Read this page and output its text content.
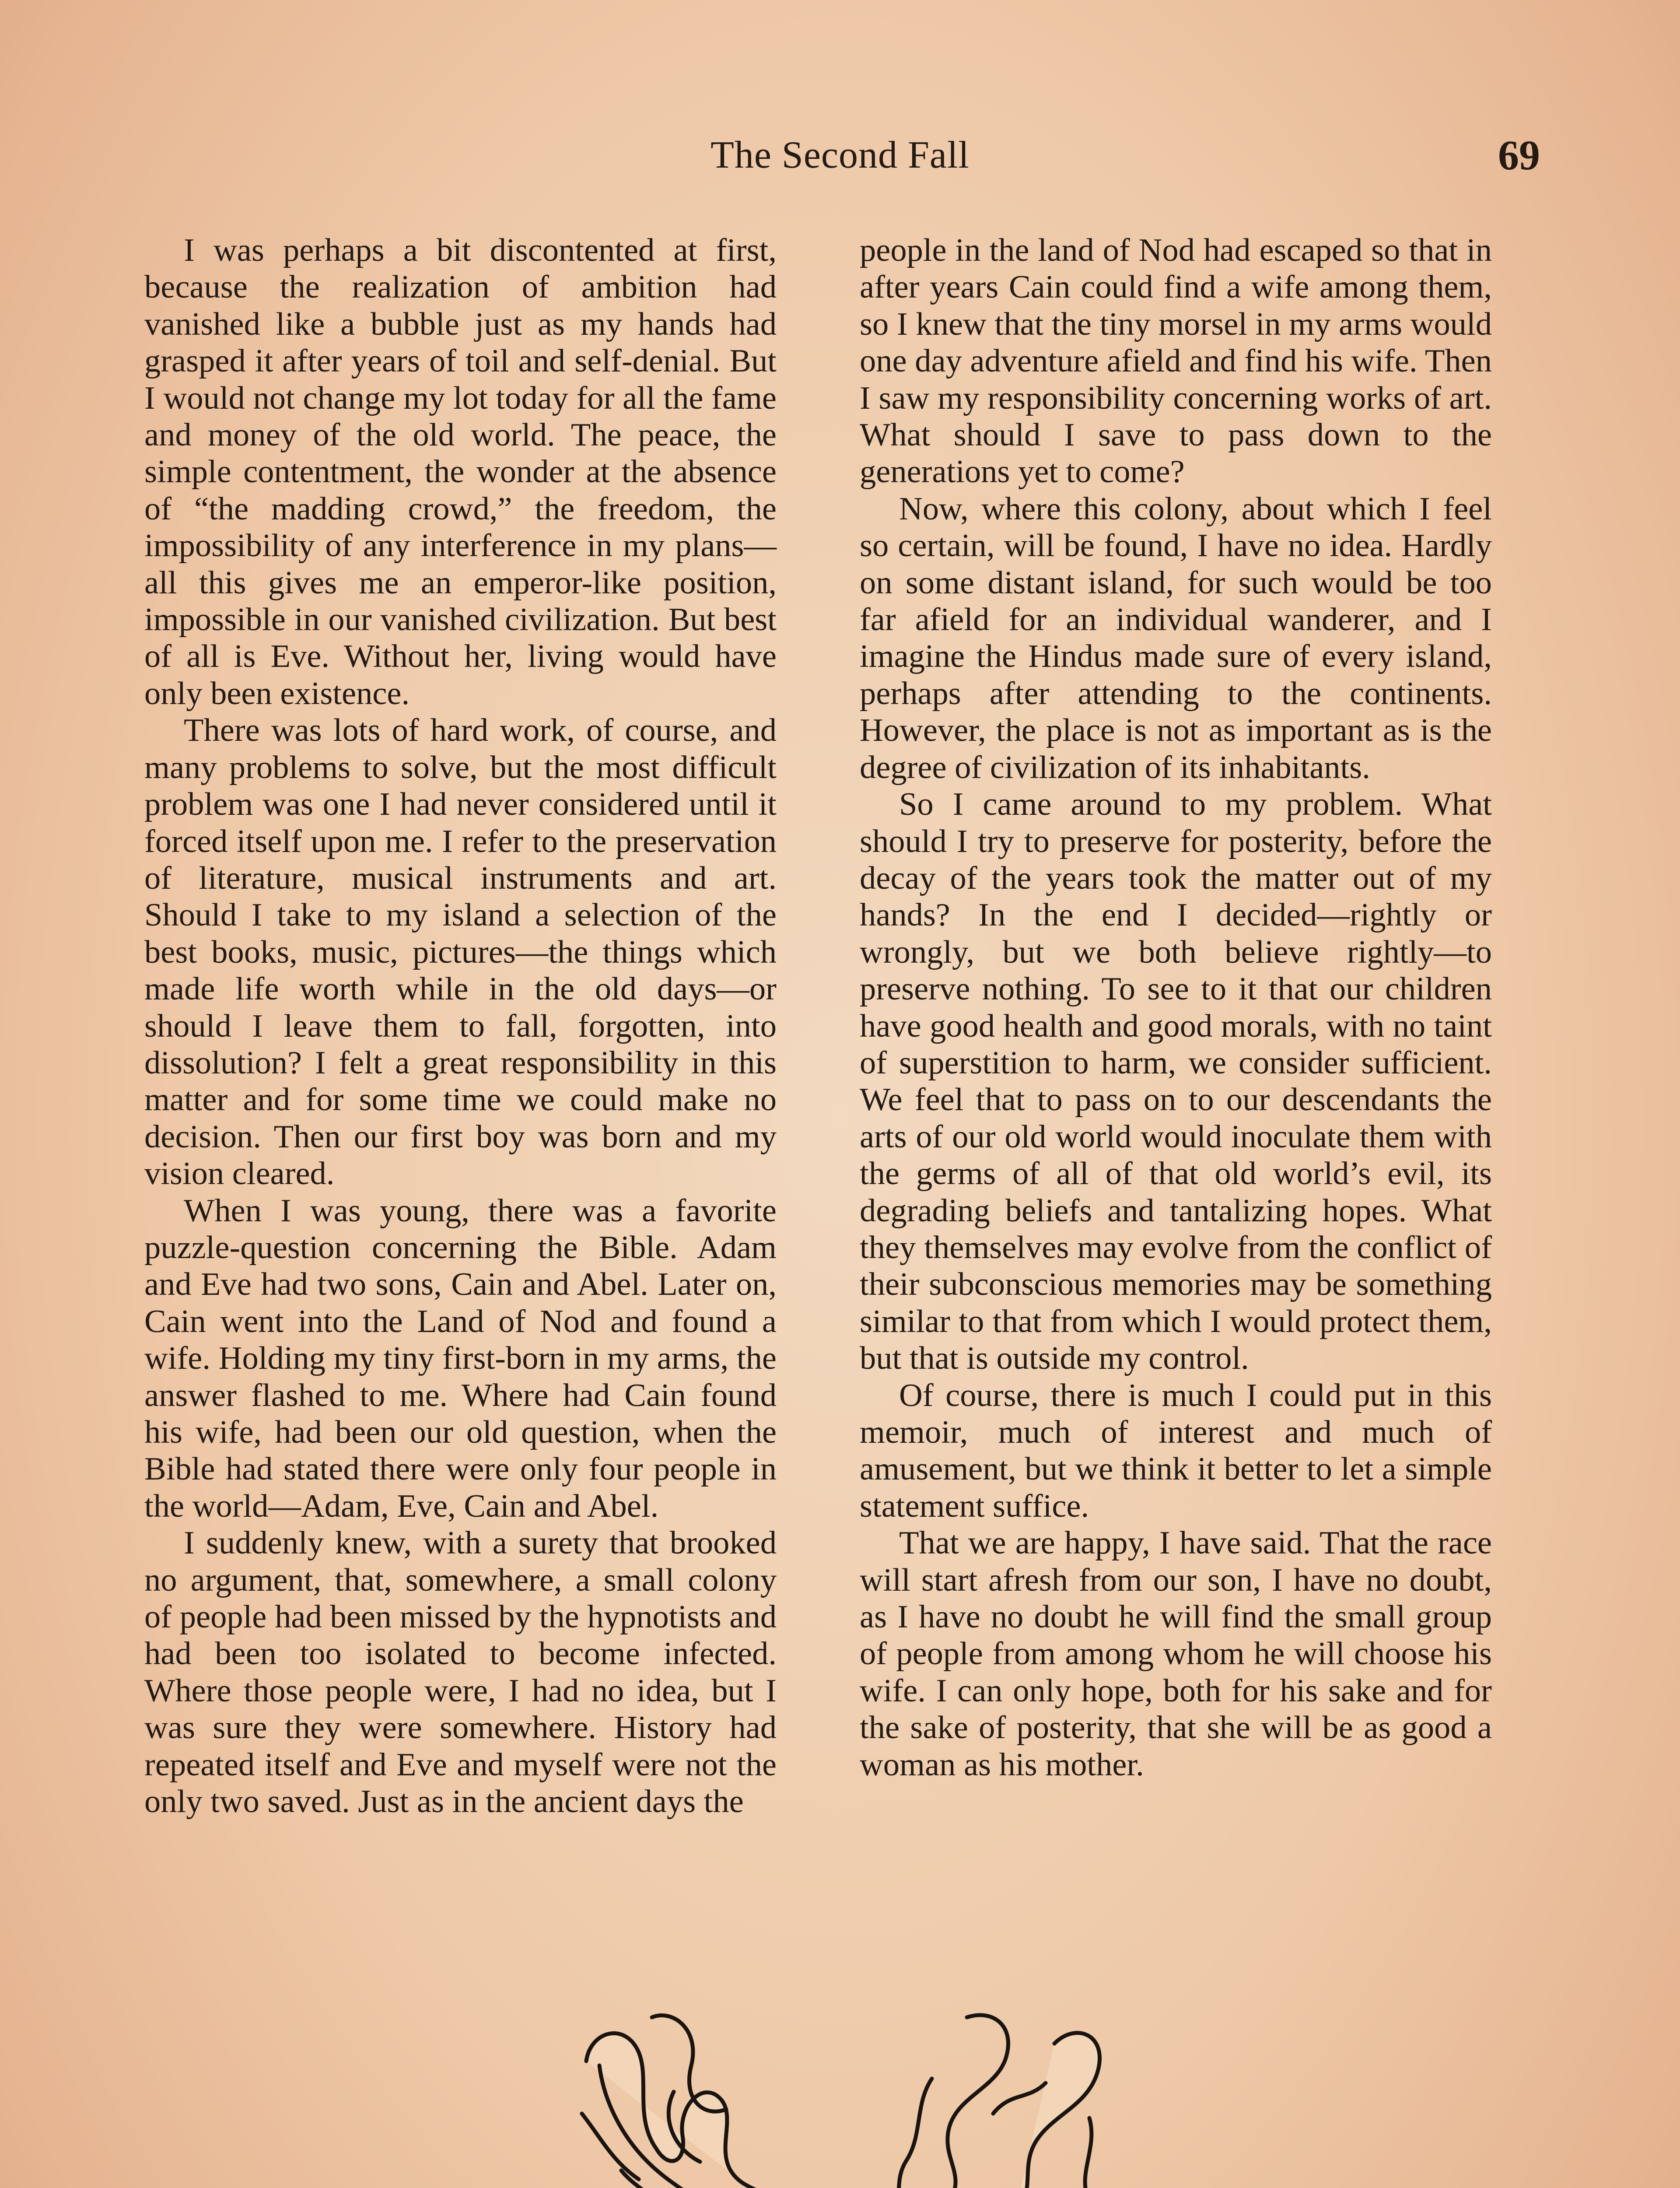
The Second Fall	69

I was perhaps a bit discontented at first, because the realization of ambition had vanished like a bubble just as my hands had grasped it after years of toil and self-denial. But I would not change my lot today for all the fame and money of the old world. The peace, the simple contentment, the wonder at the absence of “the madding crowd,” the freedom, the impossibility of any interference in my plans—all this gives me an emperor-like position, impossible in our vanished civilization. But best of all is Eve. Without her, living would have only been existence.

There was lots of hard work, of course, and many problems to solve, but the most difficult problem was one I had never considered until it forced itself upon me. I refer to the preservation of literature, musical instruments and art. Should I take to my island a selection of the best books, music, pictures—the things which made life worth while in the old days—or should I leave them to fall, forgotten, into dissolution? I felt a great responsibility in this matter and for some time we could make no decision. Then our first boy was born and my vision cleared.

When I was young, there was a favorite puzzle-question concerning the Bible. Adam and Eve had two sons, Cain and Abel. Later on, Cain went into the Land of Nod and found a wife. Holding my tiny first-born in my arms, the answer flashed to me. Where had Cain found his wife, had been our old question, when the Bible had stated there were only four people in the world—Adam, Eve, Cain and Abel.

I suddenly knew, with a surety that brooked no argument, that, somewhere, a small colony of people had been missed by the hypnotists and had been too isolated to become infected. Where those people were, I had no idea, but I was sure they were somewhere. History had repeated itself and Eve and myself were not the only two saved. Just as in the ancient days the

people in the land of Nod had escaped so that in after years Cain could find a wife among them, so I knew that the tiny morsel in my arms would one day adventure afield and find his wife. Then I saw my responsibility concerning works of art. What should I save to pass down to the generations yet to come?

Now, where this colony, about which I feel so certain, will be found, I have no idea. Hardly on some distant island, for such would be too far afield for an individual wanderer, and I imagine the Hindus made sure of every island, perhaps after attending to the continents. However, the place is not as important as is the degree of civilization of its inhabitants.

So I came around to my problem. What should I try to preserve for posterity, before the decay of the years took the matter out of my hands? In the end I decided—rightly or wrongly, but we both believe rightly—to preserve nothing. To see to it that our children have good health and good morals, with no taint of superstition to harm, we consider sufficient. We feel that to pass on to our descendants the arts of our old world would inoculate them with the germs of all of that old world’s evil, its degrading beliefs and tantalizing hopes. What they themselves may evolve from the conflict of their subconscious memories may be something similar to that from which I would protect them, but that is outside my control.

Of course, there is much I could put in this memoir, much of interest and much of amusement, but we think it better to let a simple statement suffice.

That we are happy, I have said. That the race will start afresh from our son, I have no doubt, as I have no doubt he will find the small group of people from among whom he will choose his wife. I can only hope, both for his sake and for the sake of posterity, that she will be as good a woman as his mother.
